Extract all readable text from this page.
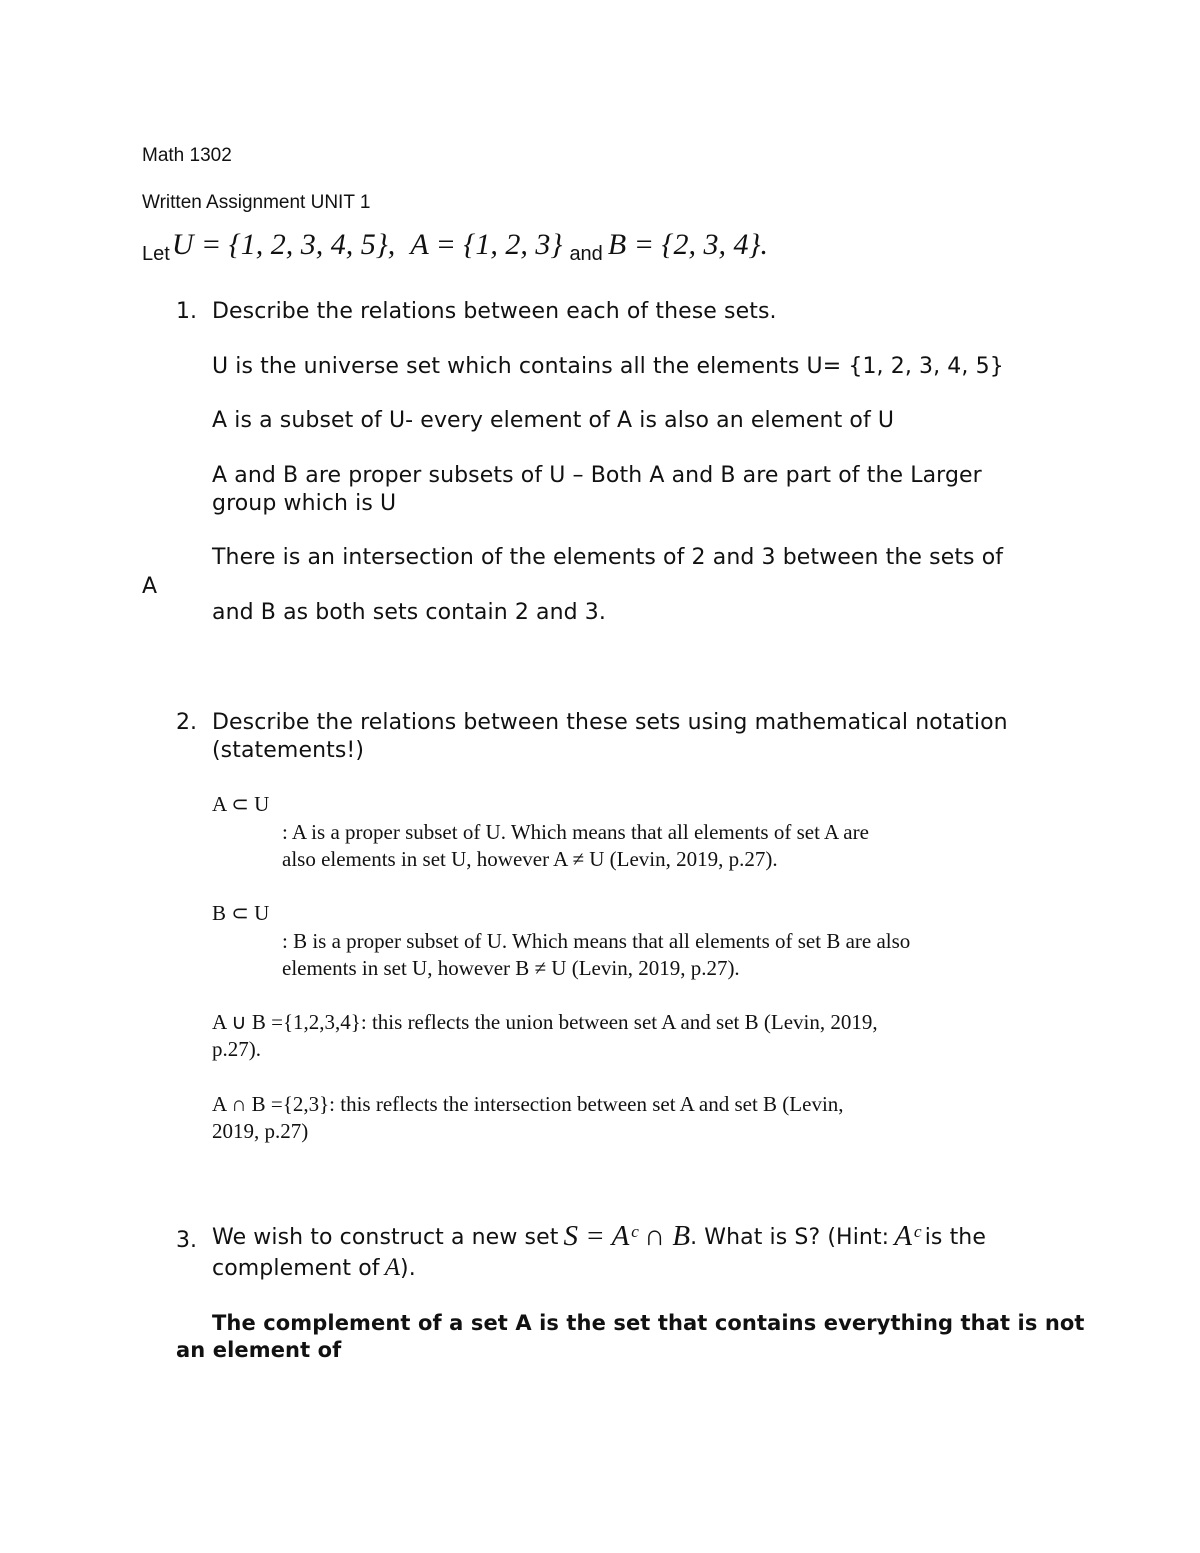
Math 1302
Written Assignment UNIT 1
LetU = {1, 2, 3, 4, 5}, A = {1, 2, 3} and B = {2, 3, 4}.
1. Describe the relations between each of these sets.
U is the universe set which contains all the elements U= {1, 2, 3, 4, 5}
A is a subset of U- every element of A is also an element of U
A and B are proper subsets of U – Both A and B are part of the Larger
group which is U
There is an intersection of the elements of 2 and 3 between the sets of
A
and B as both sets contain 2 and 3.
2. Describe the relations between these sets using mathematical notation
(statements!)
A ⊂ U
: A is a proper subset of U. Which means that all elements of set A are
also elements in set U, however A ≠ U (Levin, 2019, p.27).
B ⊂ U
: B is a proper subset of U. Which means that all elements of set B are also
elements in set U, however B ≠ U (Levin, 2019, p.27).
A ∪ B ={1,2,3,4}: this reflects the union between set A and set B (Levin, 2019,
p.27).
A ∩ B ={2,3}: this reflects the intersection between set A and set B (Levin,
2019, p.27)
3. We wish to construct a new set S = Aᶜ ∩ B. What is S? (Hint: Aᶜ is the
complement of A).
The complement of a set A is the set that contains everything that is not
an element of
